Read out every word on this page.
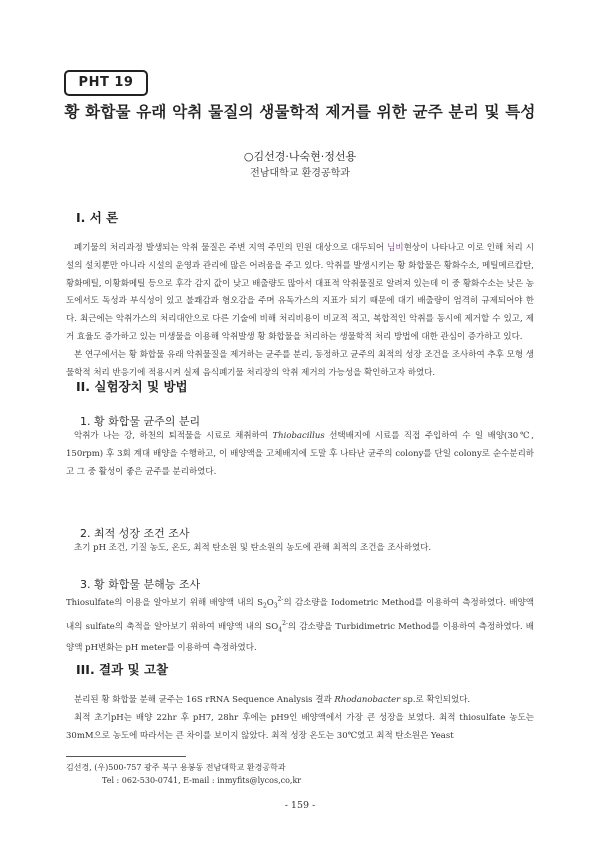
PHT 19
황 화합물 유래 악취 물질의 생물학적 제거를 위한 균주 분리 및 특성
○김선경·나숙현·정선용
전남대학교 환경공학과
I. 서 론

폐기물의 처리과정 발생되는 악취 물질은 주변 지역 주민의 민원 대상으로 대두되어 님비현상이 나타나고 이로 인해 처리 시설의 설치뿐만 아니라 시설의 운영과 관리에 많은 어려움을 주고 있다. 악취를 발생시키는 황 화합물은 황화수소, 메틸메르캅탄, 황화메틸, 이황화메틸 등으로 후각 감지 값이 낮고 배출량도 많아서 대표적 악취물질로 알려져 있는데 이 중 황화수소는 낮은 농도에서도 독성과 부식성이 있고 불쾌감과 혐오감을 주며 유독가스의 지표가 되기 때문에 대기 배출량이 엄격히 규제되어야 한다. 최근에는 악취가스의 처리대안으로 다른 기술에 비해 처리비용이 비교적 적고, 복합적인 악취를 동시에 제거할 수 있고, 제거 효율도 증가하고 있는 미생물을 이용해 악취발생 황 화합물을 처리하는 생물학적 처리 방법에 대한 관심이 증가하고 있다.

본 연구에서는 황 화합물 유래 악취물질을 제거하는 균주를 분리, 동정하고 균주의 최적의 성장 조건을 조사하여 추후 모형 생물학적 처리 반응기에 적용시켜 실제 음식폐기물 처리장의 악취 제거의 가능성을 확인하고자 하였다.

II. 실험장치 및 방법
1. 황 화합물 균주의 분리

악취가 나는 강, 하천의 퇴적물을 시료로 채취하여 Thiobacillus 선택배지에 시료를 직접 주입하여 수 일 배양(30℃, 150rpm) 후 3회 계대 배양을 수행하고, 이 배양액을 고체배지에 도말 후 나타난 균주의 colony를 단일 colony로 순수분리하고 그 중 활성이 좋은 균주를 분리하였다.

2. 최적 성장 조건 조사

초기 pH 조건, 기질 농도, 온도, 최적 탄소원 및 탄소원의 농도에 관해 최적의 조건을 조사하였다.

3. 황 화합물 분해능 조사

Thiosulfate의 이용을 알아보기 위해 배양액 내의 $S_2O_3^{2-}$의 감소량을 Iodometric Method를 이용하여 측정하였다. 배양액 내의 sulfate의 축적을 알아보기 위하여 배양액 내의 $SO_4^{2-}$의 감소량을 Turbidimetric Method를 이용하여 측정하였다. 배양액 pH변화는 pH meter를 이용하여 측정하였다.

III. 결과 및 고찰

분리된 황 화합물 분해 균주는 16S rRNA Sequence Analysis 결과 Rhodanobacter sp.로 확인되었다.

최적 초기pH는 배양 22hr 후 pH7, 28hr 후에는 pH9인 배양액에서 가장 큰 성장을 보였다. 최적 thiosulfate 농도는 30mM으로 농도에 따라서는 큰 차이를 보이지 않았다. 최적 성장 온도는 30℃였고 최적 탄소원은 Yeast

김선경, (우)500-757 광주 북구 용봉동 전남대학교 환경공학과
Tel : 062-530-0741, E-mail : inmyfits@lycos,co,kr
- 159 -
